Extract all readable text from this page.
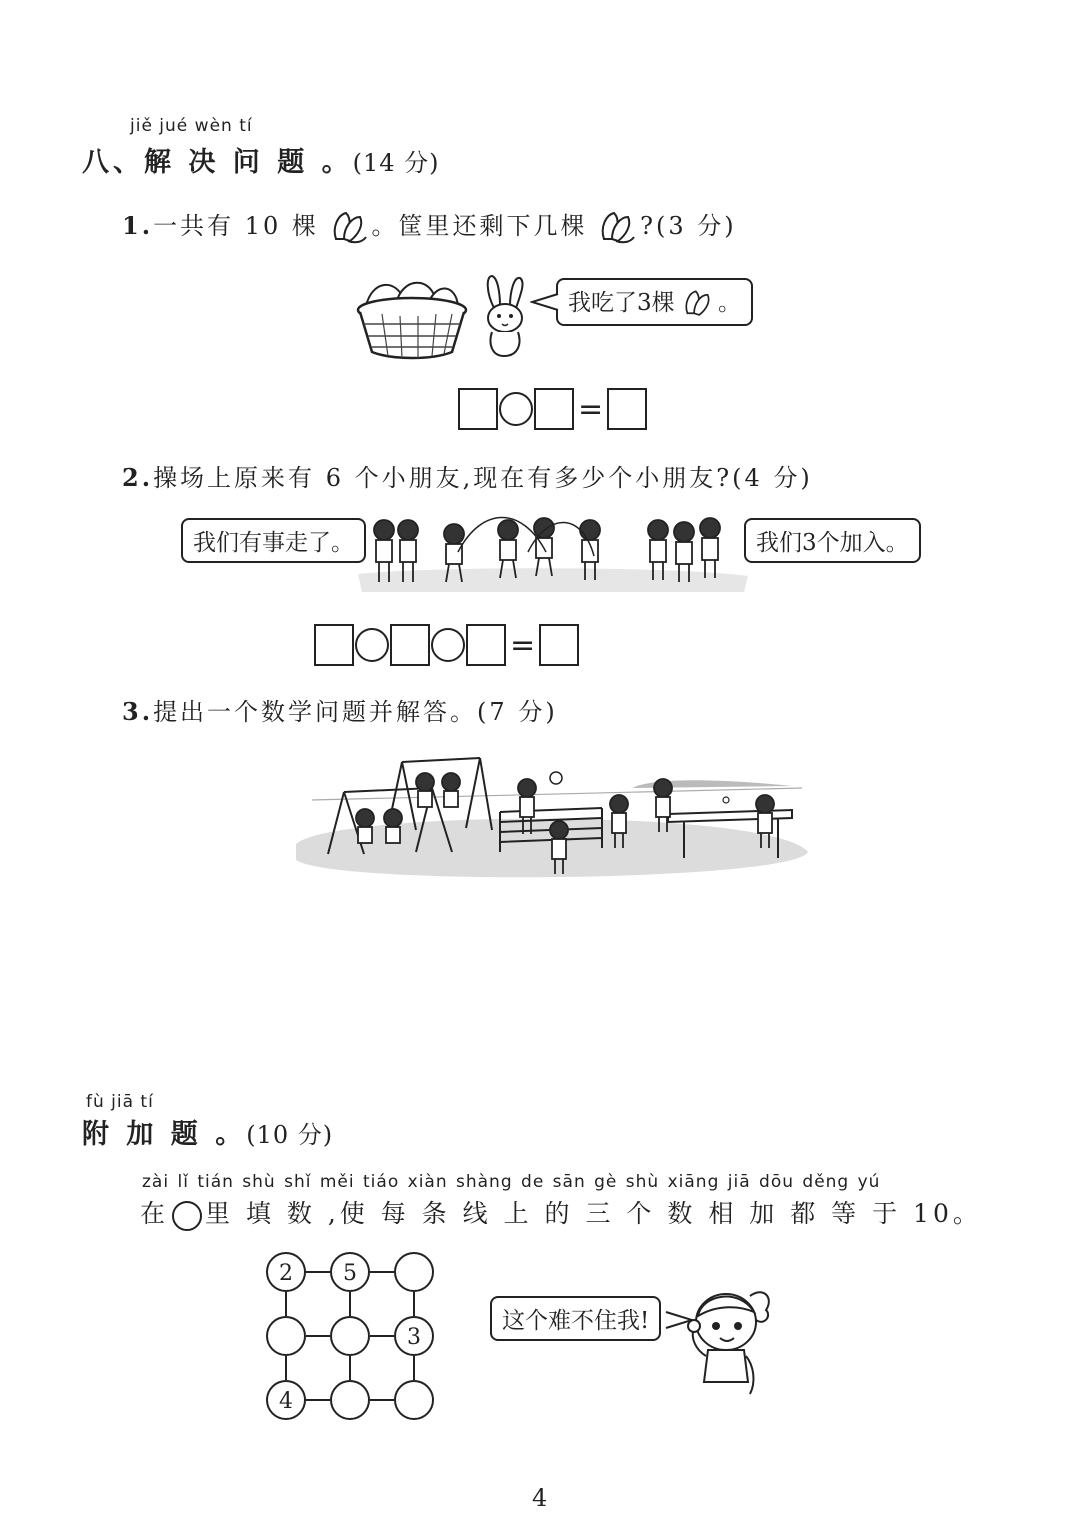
jiě jué wèn tí
八、解 决 问 题 。(14 分)
1.一共有 10 棵 。筐里还剩下几棵 ?(3 分)
我吃了3棵 。
=
2.操场上原来有 6 个小朋友,现在有多少个小朋友?(4 分)
我们有事走了。	我们3个加入。
=
3.提出一个数学问题并解答。(7 分)
fù jiā tí
附 加 题 。(10 分)
zài lǐ tián shù shǐ měi tiáo xiàn shàng de sān gè shù xiāng jiā dōu děng yú
在 里 填 数 ,使 每 条 线 上 的 三 个 数 相 加 都 等 于 10。
2 5
3
4
这个难不住我!
4
